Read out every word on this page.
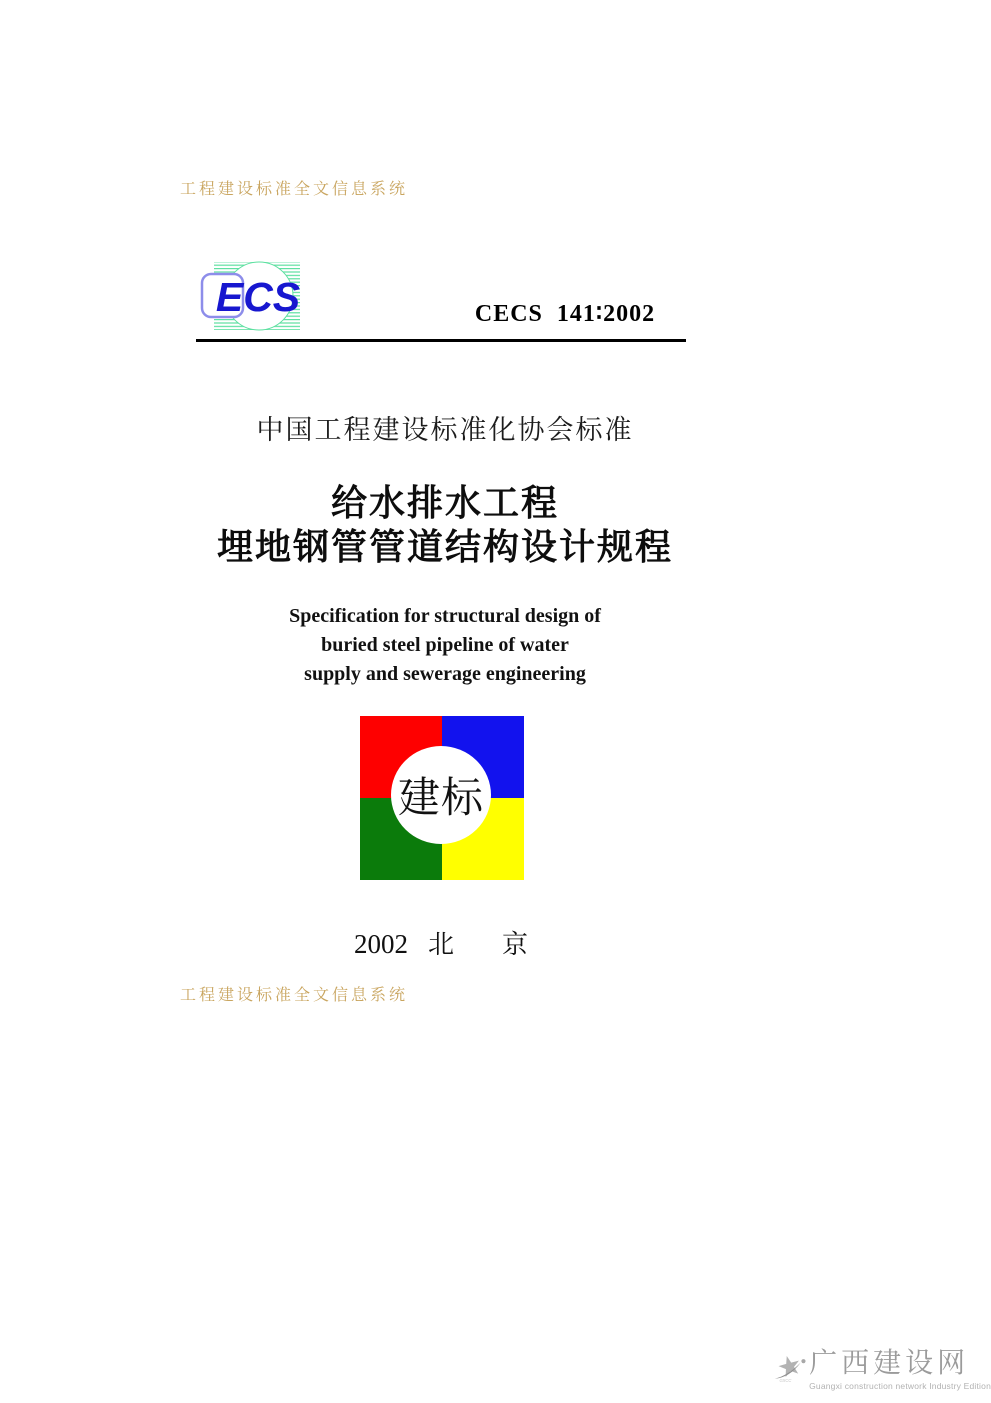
工程建设标准全文信息系统
ECS	CECS  141∶2002
中国工程建设标准化协会标准
给水排水工程
埋地钢管管道结构设计规程
Specification for structural design of
buried steel pipeline of water
supply and sewerage engineering
建标
2002 北 京
工程建设标准全文信息系统
GXCC
广西建设网
Guangxi construction network Industry Edition
